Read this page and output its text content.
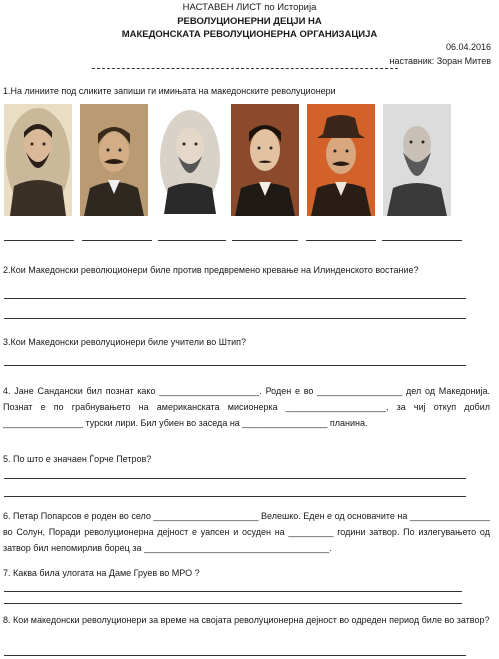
НАСТАВЕН ЛИСТ по Историја
РЕВОЛУЦИОНЕРНИ ДЕЦЈИ НА
МАКЕДОНСКАТА РЕВОЛУЦИОНЕРНА ОРГАНИЗАЦИЈА
06.04.2016
наставник: Зоран Митев
1.На линиите под сликите запиши ги имињата на македонските револуционери
2.Кои Македонски революционери биле против предвремено кревање на Илинденското востание?
3.Кои Македонски револуционери биле учители во Штип?
4. Јане Сандански бил познат како ____________________. Роден е во _________________ дел од Македонија. Познат е по грабнувањето на американската мисионерка ____________________, за чиј откуп добил ________________ турски лири. Бил убиен во заседа на _________________ планина.
5. По што е значаен Ѓорче Петров?
6. Петар Попарсов е роден во село _____________________ Велешко. Еден е од основачите на ________________ во Солун, Поради револуционерна дејност е уапсен и осуден на _________ години затвор. По излегувањето од затвор бил непомирлив борец за _____________________________________.
7. Каква била улогата на Даме Груев во МРО ?
8. Кои македонски револуционери за време на својата револуционерна дејност во одреден период биле во затвор?
